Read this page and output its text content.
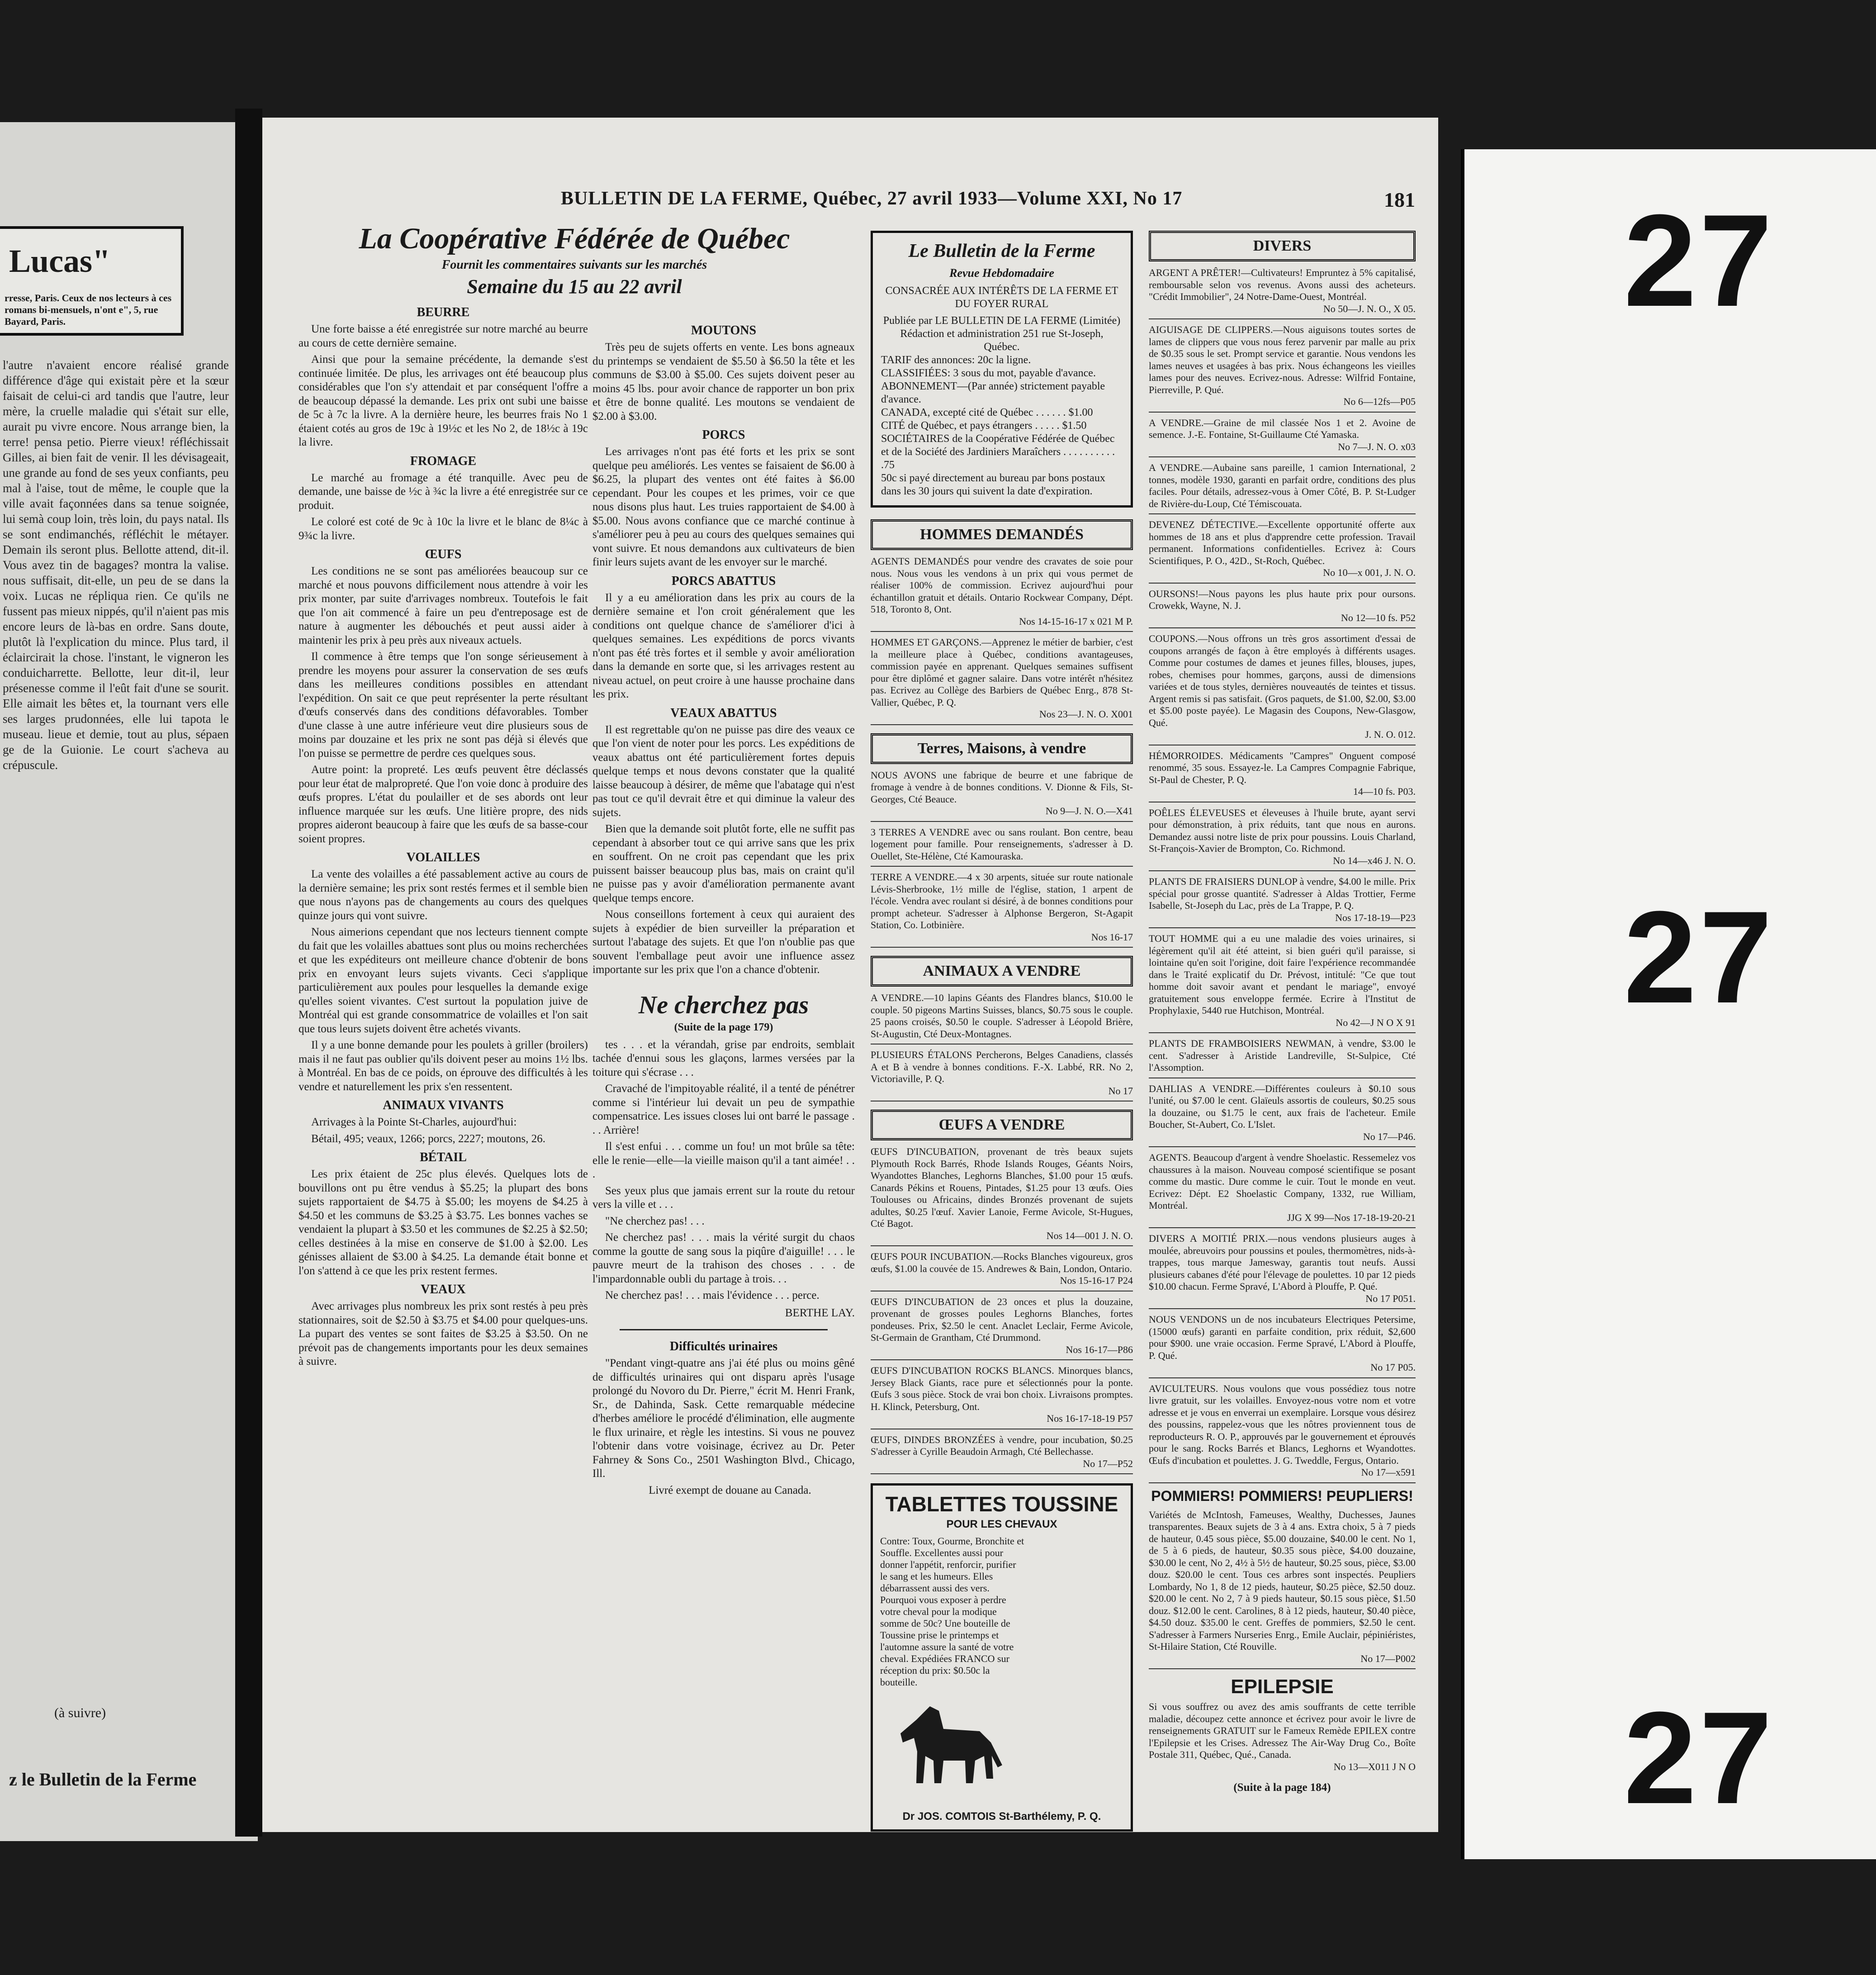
Lucas"
rresse, Paris. Ceux de nos lecteurs à ces romans bi-mensuels, n'ont e", 5, rue Bayard, Paris.
l'autre n'avaient encore réalisé grande différence d'âge qui existait père et la sœur faisait de celui-ci ard tandis que l'autre, leur mère, la cruelle maladie qui s'était sur elle, aurait pu vivre encore. Nous arrange bien, la terre! pensa petio. Pierre vieux! réfléchissait Gilles, ai bien fait de venir. Il les dévisageait, une grande au fond de ses yeux confiants, peu mal à l'aise, tout de même, le couple que la ville avait façonnées dans sa tenue soignée, lui semà coup loin, très loin, du pays natal. Ils se sont endimanchés, réfléchit le métayer. Demain ils seront plus. Bellotte attend, dit-il. Vous avez tin de bagages? montra la valise. nous suffisait, dit-elle, un peu de se dans la voix. Lucas ne répliqua rien. Ce qu'ils ne fussent pas mieux nippés, qu'il n'aient pas mis encore leurs de là-bas en ordre. Sans doute, plutôt là l'explication du mince. Plus tard, il éclaircirait la chose. l'instant, le vigneron les conduicharrette. Bellotte, leur dit-il, leur présenesse comme il l'eût fait d'une se sourit. Elle aimait les bêtes et, la tournant vers elle ses larges prudonnées, elle lui tapota le museau. lieue et demie, tout au plus, sépaen ge de la Guionie. Le court s'acheva au crépuscule.
(à suivre)
z le Bulletin de la Ferme
BULLETIN DE LA FERME, Québec, 27 avril 1933—Volume XXI, No 17	181
La Coopérative Fédérée de Québec
Fournit les commentaires suivants sur les marchés
Semaine du 15 au 22 avril
BEURRE

Une forte baisse a été enregistrée sur notre marché au beurre au cours de cette dernière semaine.

Ainsi que pour la semaine précédente, la demande s'est continuée limitée. De plus, les arrivages ont été beaucoup plus considérables que l'on s'y attendait et par conséquent l'offre a de beaucoup dépassé la demande. Les prix ont subi une baisse de 5c à 7c la livre. A la dernière heure, les beurres frais No 1 étaient cotés au gros de 19c à 19½c et les No 2, de 18½c à 19c la livre.

FROMAGE

Le marché au fromage a été tranquille. Avec peu de demande, une baisse de ½c à ¾c la livre a été enregistrée sur ce produit.

Le coloré est coté de 9c à 10c la livre et le blanc de 8¼c à 9¾c la livre.

ŒUFS

Les conditions ne se sont pas améliorées beaucoup sur ce marché et nous pouvons difficilement nous attendre à voir les prix monter, par suite d'arrivages nombreux. Toutefois le fait que l'on ait commencé à faire un peu d'entreposage est de nature à augmenter les débouchés et peut aussi aider à maintenir les prix à peu près aux niveaux actuels.

Il commence à être temps que l'on songe sérieusement à prendre les moyens pour assurer la conservation de ses œufs dans les meilleures conditions possibles en attendant l'expédition. On sait ce que peut représenter la perte résultant d'œufs conservés dans des conditions défavorables. Tomber d'une classe à une autre inférieure veut dire plusieurs sous de moins par douzaine et les prix ne sont pas déjà si élevés que l'on puisse se permettre de perdre ces quelques sous.

Autre point: la propreté. Les œufs peuvent être déclassés pour leur état de malpropreté. Que l'on voie donc à produire des œufs propres. L'état du poulailler et de ses abords ont leur influence marquée sur les œufs. Une litière propre, des nids propres aideront beaucoup à faire que les œufs de sa basse-cour soient propres.

VOLAILLES

La vente des volailles a été passablement active au cours de la dernière semaine; les prix sont restés fermes et il semble bien que nous n'ayons pas de changements au cours des quelques quinze jours qui vont suivre.

Nous aimerions cependant que nos lecteurs tiennent compte du fait que les volailles abattues sont plus ou moins recherchées et que les expéditeurs ont meilleure chance d'obtenir de bons prix en envoyant leurs sujets vivants. Ceci s'applique particulièrement aux poules pour lesquelles la demande exige qu'elles soient vivantes. C'est surtout la population juive de Montréal qui est grande consommatrice de volailles et l'on sait que tous leurs sujets doivent être achetés vivants.

Il y a une bonne demande pour les poulets à griller (broilers) mais il ne faut pas oublier qu'ils doivent peser au moins 1½ lbs. à Montréal. En bas de ce poids, on éprouve des difficultés à les vendre et naturellement les prix s'en ressentent.

ANIMAUX VIVANTS

Arrivages à la Pointe St-Charles, aujourd'hui:

Bétail, 495; veaux, 1266; porcs, 2227; moutons, 26.

BÉTAIL

Les prix étaient de 25c plus élevés. Quelques lots de bouvillons ont pu être vendus à $5.25; la plupart des bons sujets rapportaient de $4.75 à $5.00; les moyens de $4.25 à $4.50 et les communs de $3.25 à $3.75. Les bonnes vaches se vendaient la plupart à $3.50 et les communes de $2.25 à $2.50; celles destinées à la mise en conserve de $1.00 à $2.00. Les génisses allaient de $3.00 à $4.25. La demande était bonne et l'on s'attend à ce que les prix restent fermes.

VEAUX

Avec arrivages plus nombreux les prix sont restés à peu près stationnaires, soit de $2.50 à $3.75 et $4.00 pour quelques-uns. La pupart des ventes se sont faites de $3.25 à $3.50. On ne prévoit pas de changements importants pour les deux semaines à suivre.

MOUTONS

Très peu de sujets offerts en vente. Les bons agneaux du printemps se vendaient de $5.50 à $6.50 la tête et les communs de $3.00 à $5.00. Ces sujets doivent peser au moins 45 lbs. pour avoir chance de rapporter un bon prix et être de bonne qualité. Les moutons se vendaient de $2.00 à $3.00.

PORCS

Les arrivages n'ont pas été forts et les prix se sont quelque peu améliorés. Les ventes se faisaient de $6.00 à $6.25, la plupart des ventes ont été faites à $6.00 cependant. Pour les coupes et les primes, voir ce que nous disons plus haut. Les truies rapportaient de $4.00 à $5.00. Nous avons confiance que ce marché continue à s'améliorer peu à peu au cours des quelques semaines qui vont suivre. Et nous demandons aux cultivateurs de bien finir leurs sujets avant de les envoyer sur le marché.

PORCS ABATTUS

Il y a eu amélioration dans les prix au cours de la dernière semaine et l'on croit généralement que les conditions ont quelque chance de s'améliorer d'ici à quelques semaines. Les expéditions de porcs vivants n'ont pas été très fortes et il semble y avoir amélioration dans la demande en sorte que, si les arrivages restent au niveau actuel, on peut croire à une hausse prochaine dans les prix.

VEAUX ABATTUS

Il est regrettable qu'on ne puisse pas dire des veaux ce que l'on vient de noter pour les porcs. Les expéditions de veaux abattus ont été particulièrement fortes depuis quelque temps et nous devons constater que la qualité laisse beaucoup à désirer, de même que l'abatage qui n'est pas tout ce qu'il devrait être et qui diminue la valeur des sujets.

Bien que la demande soit plutôt forte, elle ne suffit pas cependant à absorber tout ce qui arrive sans que les prix en souffrent. On ne croit pas cependant que les prix puissent baisser beaucoup plus bas, mais on craint qu'il ne puisse pas y avoir d'amélioration permanente avant quelque temps encore.

Nous conseillons fortement à ceux qui auraient des sujets à expédier de bien surveiller la préparation et surtout l'abatage des sujets. Et que l'on n'oublie pas que souvent l'emballage peut avoir une influence assez importante sur les prix que l'on a chance d'obtenir.

Ne cherchez pas
(Suite de la page 179)

tes . . . et la vérandah, grise par endroits, semblait tachée d'ennui sous les glaçons, larmes versées par la toiture qui s'écrase . . .

Cravaché de l'impitoyable réalité, il a tenté de pénétrer comme si l'intérieur lui devait un peu de sympathie compensatrice. Les issues closes lui ont barré le passage . . . Arrière!

Il s'est enfui . . . comme un fou! un mot brûle sa tête: elle le renie—elle—la vieille maison qu'il a tant aimée! . . .

Ses yeux plus que jamais errent sur la route du retour vers la ville et . . .

"Ne cherchez pas! . . .

Ne cherchez pas! . . . mais la vérité surgit du chaos comme la goutte de sang sous la piqûre d'aiguille! . . . le pauvre meurt de la trahison des choses . . . de l'impardonnable oubli du partage à trois. . .

Ne cherchez pas! . . . mais l'évidence . . . perce.

BERTHE LAY.
Difficultés urinaires

"Pendant vingt-quatre ans j'ai été plus ou moins gêné de difficultés urinaires qui ont disparu après l'usage prolongé du Novoro du Dr. Pierre," écrit M. Henri Frank, Sr., de Dahinda, Sask. Cette remarquable médecine d'herbes améliore le procédé d'élimination, elle augmente le flux urinaire, et règle les intestins. Si vous ne pouvez l'obtenir dans votre voisinage, écrivez au Dr. Peter Fahrney & Sons Co., 2501 Washington Blvd., Chicago, Ill.

Livré exempt de douane au Canada.

Le Bulletin de la Ferme
Revue Hebdomadaire
CONSACRÉE AUX INTÉRÊTS DE LA FERME ET DU FOYER RURAL
Publiée par LE BULLETIN DE LA FERME (Limitée)
Rédaction et administration 251 rue St-Joseph, Québec.
TARIF des annonces: 20c la ligne.
CLASSIFIÉES: 3 sous du mot, payable d'avance.
ABONNEMENT—(Par année) strictement payable d'avance.
CANADA, excepté cité de Québec . . . . . . $1.00
CITÉ de Québec, et pays étrangers . . . . . $1.50
SOCIÉTAIRES de la Coopérative Fédérée de Québec et de la Société des Jardiniers Maraîchers . . . . . . . . . . .75
50c si payé directement au bureau par bons postaux dans les 30 jours qui suivent la date d'expiration.
HOMMES DEMANDÉS
AGENTS DEMANDÉS pour vendre des cravates de soie pour nous. Nous vous les vendons à un prix qui vous permet de réaliser 100% de commission. Ecrivez aujourd'hui pour échantillon gratuit et détails. Ontario Rockwear Company, Dépt. 518, Toronto 8, Ont.
Nos 14-15-16-17 x 021 M P.
HOMMES ET GARÇONS.—Apprenez le métier de barbier, c'est la meilleure place à Québec, conditions avantageuses, commission payée en apprenant. Quelques semaines suffisent pour être diplômé et gagner salaire. Dans votre intérêt n'hésitez pas. Ecrivez au Collège des Barbiers de Québec Enrg., 878 St-Vallier, Québec, P. Q.
Nos 23—J. N. O. X001
Terres, Maisons, à vendre
NOUS AVONS une fabrique de beurre et une fabrique de fromage à vendre à de bonnes conditions. V. Dionne & Fils, St-Georges, Cté Beauce.
No 9—J. N. O.—X41
3 TERRES A VENDRE avec ou sans roulant. Bon centre, beau logement pour famille. Pour renseignements, s'adresser à D. Ouellet, Ste-Hélène, Cté Kamouraska.
TERRE A VENDRE.—4 x 30 arpents, située sur route nationale Lévis-Sherbrooke, 1½ mille de l'église, station, 1 arpent de l'école. Vendra avec roulant si désiré, à de bonnes conditions pour prompt acheteur. S'adresser à Alphonse Bergeron, St-Agapit Station, Co. Lotbinière.
Nos 16-17
ANIMAUX A VENDRE
A VENDRE.—10 lapins Géants des Flandres blancs, $10.00 le couple. 50 pigeons Martins Suisses, blancs, $0.75 sous le couple. 25 paons croisés, $0.50 le couple. S'adresser à Léopold Brière, St-Augustin, Cté Deux-Montagnes.
PLUSIEURS ÉTALONS Percherons, Belges Canadiens, classés A et B à vendre à bonnes conditions. F.-X. Labbé, RR. No 2, Victoriaville, P. Q.
No 17
ŒUFS A VENDRE
ŒUFS D'INCUBATION, provenant de très beaux sujets Plymouth Rock Barrés, Rhode Islands Rouges, Géants Noirs, Wyandottes Blanches, Leghorns Blanches, $1.00 pour 15 œufs. Canards Pékins et Rouens, Pintades, $1.25 pour 13 œufs. Oies Toulouses ou Africains, dindes Bronzés provenant de sujets adultes, $0.25 l'œuf. Xavier Lanoie, Ferme Avicole, St-Hugues, Cté Bagot.
Nos 14—001 J. N. O.
ŒUFS POUR INCUBATION.—Rocks Blanches vigoureux, gros œufs, $1.00 la couvée de 15. Andrewes & Bain, London, Ontario.
Nos 15-16-17 P24
ŒUFS D'INCUBATION de 23 onces et plus la douzaine, provenant de grosses poules Leghorns Blanches, fortes pondeuses. Prix, $2.50 le cent. Anaclet Leclair, Ferme Avicole, St-Germain de Grantham, Cté Drummond.
Nos 16-17—P86
ŒUFS D'INCUBATION ROCKS BLANCS. Minorques blancs, Jersey Black Giants, race pure et sélectionnés pour la ponte. Œufs 3 sous pièce. Stock de vrai bon choix. Livraisons promptes. H. Klinck, Petersburg, Ont.
Nos 16-17-18-19 P57
ŒUFS, DINDES BRONZÉES à vendre, pour incubation, $0.25 S'adresser à Cyrille Beaudoin Armagh, Cté Bellechasse.
No 17—P52
TABLETTES TOUSSINE
POUR LES CHEVAUX
Contre: Toux, Gourme, Bronchite et Souffle. Excellentes aussi pour donner l'appétit, renforcir, purifier le sang et les humeurs. Elles débarrassent aussi des vers. Pourquoi vous exposer à perdre votre cheval pour la modique somme de 50c? Une bouteille de Toussine prise le printemps et l'automne assure la santé de votre cheval. Expédiées FRANCO sur réception du prix: $0.50c la bouteille.
Dr JOS. COMTOIS St-Barthélemy, P. Q.
DIVERS
ARGENT A PRÊTER!—Cultivateurs! Empruntez à 5% capitalisé, remboursable selon vos revenus. Avons aussi des acheteurs. "Crédit Immobilier", 24 Notre-Dame-Ouest, Montréal.
No 50—J. N. O., X 05.
AIGUISAGE DE CLIPPERS.—Nous aiguisons toutes sortes de lames de clippers que vous nous ferez parvenir par malle au prix de $0.35 sous le set. Prompt service et garantie. Nous vendons les lames neuves et usagées à bas prix. Nous échangeons les vieilles lames pour des neuves. Ecrivez-nous. Adresse: Wilfrid Fontaine, Pierreville, P. Qué.
No 6—12fs—P05
A VENDRE.—Graine de mil classée Nos 1 et 2. Avoine de semence. J.-E. Fontaine, St-Guillaume Cté Yamaska.
No 7—J. N. O. x03
A VENDRE.—Aubaine sans pareille, 1 camion International, 2 tonnes, modèle 1930, garanti en parfait ordre, conditions des plus faciles. Pour détails, adressez-vous à Omer Côté, B. P. St-Ludger de Rivière-du-Loup, Cté Témiscouata.
DEVENEZ DÉTECTIVE.—Excellente opportunité offerte aux hommes de 18 ans et plus d'apprendre cette profession. Travail permanent. Informations confidentielles. Ecrivez à: Cours Scientifiques, P. O., 42D., St-Roch, Québec.
No 10—x 001, J. N. O.
OURSONS!—Nous payons les plus haute prix pour oursons. Crowekk, Wayne, N. J.
No 12—10 fs. P52
COUPONS.—Nous offrons un très gros assortiment d'essai de coupons arrangés de façon à être employés à différents usages. Comme pour costumes de dames et jeunes filles, blouses, jupes, robes, chemises pour hommes, garçons, aussi de dimensions variées et de tous styles, dernières nouveautés de teintes et tissus. Argent remis si pas satisfait. (Gros paquets, de $1.00, $2.00, $3.00 et $5.00 poste payée). Le Magasin des Coupons, New-Glasgow, Qué.
J. N. O. 012.
HÉMORROIDES. Médicaments "Campres" Onguent composé renommé, 35 sous. Essayez-le. La Campres Compagnie Fabrique, St-Paul de Chester, P. Q.
14—10 fs. P03.
POÊLES ÉLEVEUSES et éleveuses à l'huile brute, ayant servi pour démonstration, à prix réduits, tant que nous en aurons. Demandez aussi notre liste de prix pour poussins. Louis Charland, St-François-Xavier de Brompton, Co. Richmond.
No 14—x46 J. N. O.
PLANTS DE FRAISIERS DUNLOP à vendre, $4.00 le mille. Prix spécial pour grosse quantité. S'adresser à Aldas Trottier, Ferme Isabelle, St-Joseph du Lac, près de La Trappe, P. Q.
Nos 17-18-19—P23
TOUT HOMME qui a eu une maladie des voies urinaires, si légèrement qu'il ait été atteint, si bien guéri qu'il paraisse, si lointaine qu'en soit l'origine, doit faire l'expérience recommandée dans le Traité explicatif du Dr. Prévost, intitulé: "Ce que tout homme doit savoir avant et pendant le mariage", envoyé gratuitement sous enveloppe fermée. Ecrire à l'Institut de Prophylaxie, 5440 rue Hutchison, Montréal.
No 42—J N O X 91
PLANTS DE FRAMBOISIERS NEWMAN, à vendre, $3.00 le cent. S'adresser à Aristide Landreville, St-Sulpice, Cté l'Assomption.
DAHLIAS A VENDRE.—Différentes couleurs à $0.10 sous l'unité, ou $7.00 le cent. Glaïeuls assortis de couleurs, $0.25 sous la douzaine, ou $1.75 le cent, aux frais de l'acheteur. Emile Boucher, St-Aubert, Co. L'Islet.
No 17—P46.
AGENTS. Beaucoup d'argent à vendre Shoelastic. Ressemelez vos chaussures à la maison. Nouveau composé scientifique se posant comme du mastic. Dure comme le cuir. Tout le monde en veut. Ecrivez: Dépt. E2 Shoelastic Company, 1332, rue William, Montréal.
JJG X 99—Nos 17-18-19-20-21
DIVERS A MOITIÉ PRIX.—nous vendons plusieurs auges à moulée, abreuvoirs pour poussins et poules, thermomètres, nids-à-trappes, tous marque Jamesway, garantis tout neufs. Aussi plusieurs cabanes d'été pour l'élevage de poulettes. 10 par 12 pieds $10.00 chacun. Ferme Spravé, L'Abord à Plouffe, P. Qué.
No 17 P051.
NOUS VENDONS un de nos incubateurs Electriques Petersime, (15000 œufs) garanti en parfaite condition, prix réduit, $2,600 pour $900. une vraie occasion. Ferme Spravé, L'Abord à Plouffe, P. Qué.
No 17 P05.
AVICULTEURS. Nous voulons que vous possédiez tous notre livre gratuit, sur les volailles. Envoyez-nous votre nom et votre adresse et je vous en enverrai un exemplaire. Lorsque vous désirez des poussins, rappelez-vous que les nôtres proviennent tous de reproducteurs R. O. P., approuvés par le gouvernement et éprouvés pour le sang. Rocks Barrés et Blancs, Leghorns et Wyandottes. Œufs d'incubation et poulettes. J. G. Tweddle, Fergus, Ontario.
No 17—x591
POMMIERS! POMMIERS! PEUPLIERS!
Variétés de McIntosh, Fameuses, Wealthy, Duchesses, Jaunes transparentes. Beaux sujets de 3 à 4 ans. Extra choix, 5 à 7 pieds de hauteur, 0.45 sous pièce, $5.00 douzaine, $40.00 le cent. No 1, de 5 à 6 pieds, de hauteur, $0.35 sous pièce, $4.00 douzaine, $30.00 le cent, No 2, 4½ à 5½ de hauteur, $0.25 sous, pièce, $3.00 douz. $20.00 le cent. Tous ces arbres sont inspectés. Peupliers Lombardy, No 1, 8 de 12 pieds, hauteur, $0.25 pièce, $2.50 douz. $20.00 le cent. No 2, 7 à 9 pieds hauteur, $0.15 sous pièce, $1.50 douz. $12.00 le cent. Carolines, 8 à 12 pieds, hauteur, $0.40 pièce, $4.50 douz. $35.00 le cent. Greffes de pommiers, $2.50 le cent. S'adresser à Farmers Nurseries Enrg., Emile Auclair, pépiniéristes, St-Hilaire Station, Cté Rouville.
No 17—P002
EPILEPSIE
Si vous souffrez ou avez des amis souffrants de cette terrible maladie, découpez cette annonce et écrivez pour avoir le livre de renseignements GRATUIT sur le Fameux Remède EPILEX contre l'Epilepsie et les Crises. Adressez The Air-Way Drug Co., Boîte Postale 311, Québec, Qué., Canada.
No 13—X011 J N O
(Suite à la page 184)
27
27
27
